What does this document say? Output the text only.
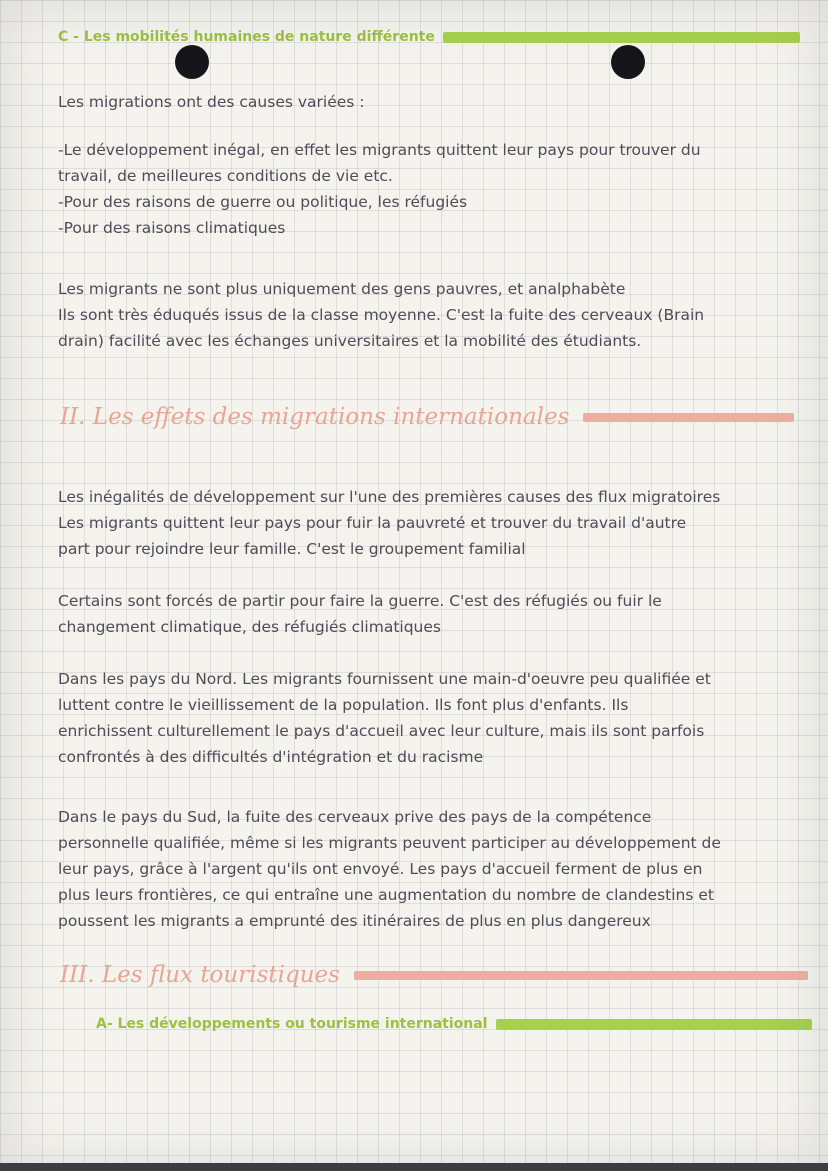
C - Les mobilités humaines de nature différente
Les migrations ont des causes variées :
-Le développement inégal, en effet les migrants quittent leur pays pour trouver du
travail, de meilleures conditions de vie etc.
-Pour des raisons de guerre ou politique, les réfugiés
-Pour des raisons climatiques
Les migrants ne sont plus uniquement des gens pauvres, et analphabète
Ils sont très éduqués issus de la classe moyenne. C'est la fuite des cerveaux (Brain
drain) facilité avec les échanges universitaires et la mobilité des étudiants.
II. Les effets des migrations internationales
Les inégalités de développement sur l'une des premières causes des flux migratoires
Les migrants quittent leur pays pour fuir la pauvreté et trouver du travail d'autre
part pour rejoindre leur famille. C'est le groupement familial
Certains sont forcés de partir pour faire la guerre. C'est des réfugiés ou fuir le
changement climatique, des réfugiés climatiques
Dans les pays du Nord. Les migrants fournissent une main-d'oeuvre peu qualifiée et
luttent contre le vieillissement de la population. Ils font plus d'enfants. Ils
enrichissent culturellement le pays d'accueil avec leur culture, mais ils sont parfois
confrontés à des difficultés d'intégration et du racisme
Dans le pays du Sud, la fuite des cerveaux prive des pays de la compétence
personnelle qualifiée, même si les migrants peuvent participer au développement de
leur pays, grâce à l'argent qu'ils ont envoyé. Les pays d'accueil ferment de plus en
plus leurs frontières, ce qui entraîne une augmentation du nombre de clandestins et
poussent les migrants a emprunté des itinéraires de plus en plus dangereux
III. Les flux touristiques
A- Les développements ou tourisme international
